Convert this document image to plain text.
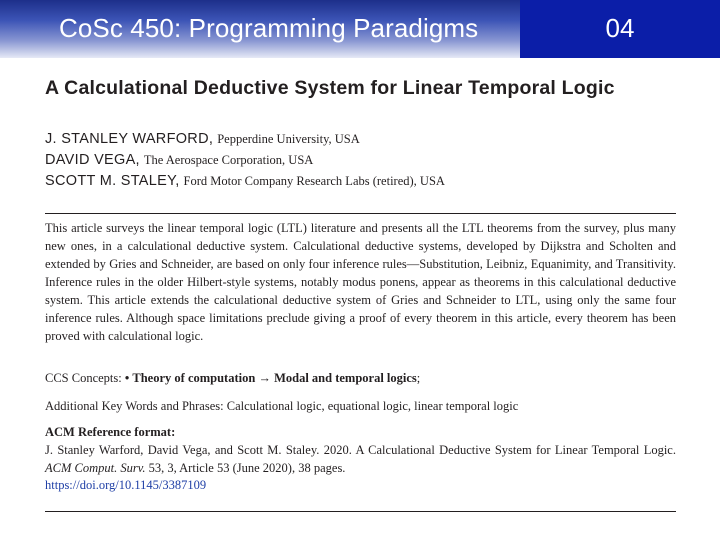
CoSc 450: Programming Paradigms	04
A Calculational Deductive System for Linear Temporal Logic
J. STANLEY WARFORD, Pepperdine University, USA
DAVID VEGA, The Aerospace Corporation, USA
SCOTT M. STALEY, Ford Motor Company Research Labs (retired), USA

This article surveys the linear temporal logic (LTL) literature and presents all the LTL theorems from the survey, plus many new ones, in a calculational deductive system. Calculational deductive systems, developed by Dijkstra and Scholten and extended by Gries and Schneider, are based on only four inference rules—Substitution, Leibniz, Equanimity, and Transitivity. Inference rules in the older Hilbert-style systems, notably modus ponens, appear as theorems in this calculational deductive system. This article extends the calculational deductive system of Gries and Schneider to LTL, using only the same four inference rules. Although space limitations preclude giving a proof of every theorem in this article, every theorem has been proved with calculational logic.

CCS Concepts: • Theory of computation → Modal and temporal logics;
Additional Key Words and Phrases: Calculational logic, equational logic, linear temporal logic
ACM Reference format:
J. Stanley Warford, David Vega, and Scott M. Staley. 2020. A Calculational Deductive System for Linear Temporal Logic. ACM Comput. Surv. 53, 3, Article 53 (June 2020), 38 pages.
https://doi.org/10.1145/3387109
